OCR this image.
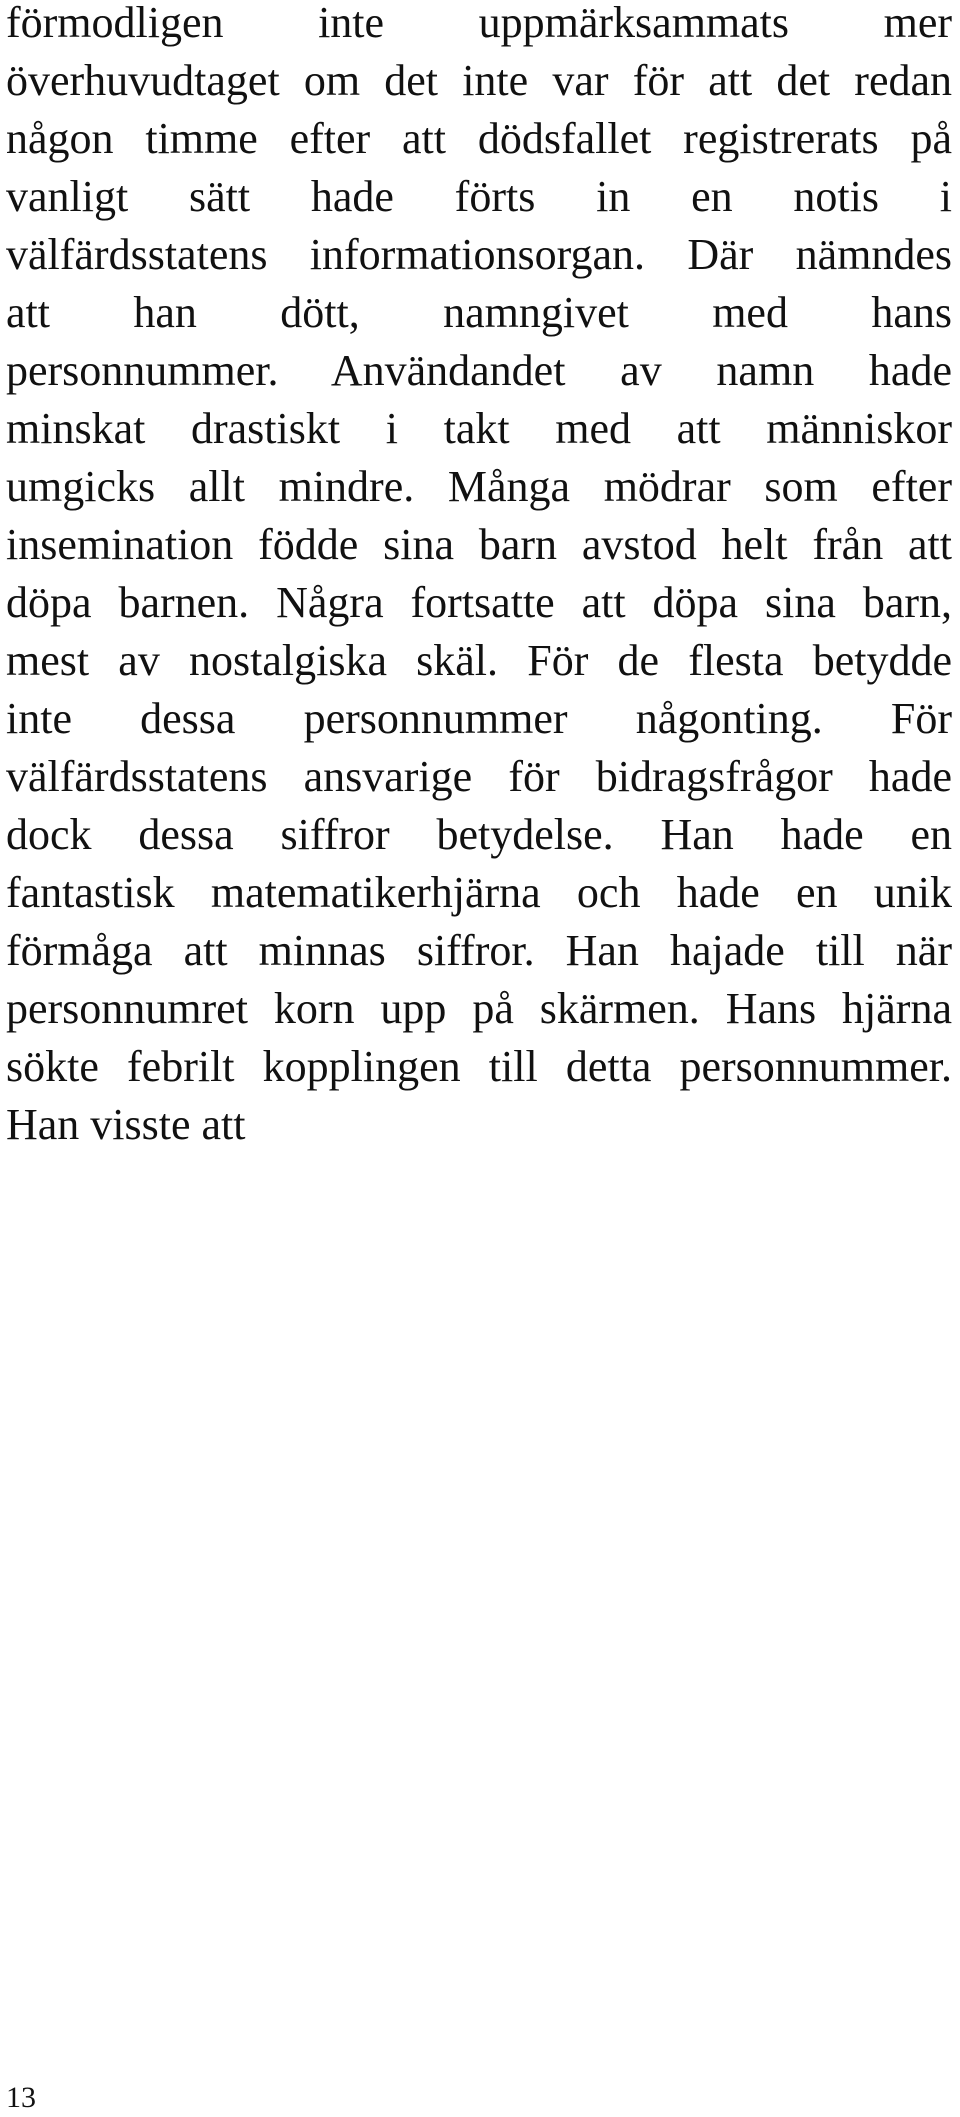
förmodligen inte uppmärksammats mer
överhuvudtaget om det inte var för att det redan
någon timme efter att dödsfallet registrerats på
vanligt sätt hade förts in en notis i
välfärdsstatens informationsorgan. Där nämndes
att han dött, namngivet med hans
personnummer. Användandet av namn hade
minskat drastiskt i takt med att människor
umgicks allt mindre. Många mödrar som efter
insemination födde sina barn avstod helt från att
döpa barnen. Några fortsatte att döpa sina barn,
mest av nostalgiska skäl. För de flesta betydde
inte dessa personnummer någonting. För
välfärdsstatens ansvarige för bidragsfrågor hade
dock dessa siffror betydelse. Han hade en
fantastisk matematikerhjärna och hade en unik
förmåga att minnas siffror. Han hajade till när
personnumret korn upp på skärmen. Hans hjärna
sökte febrilt kopplingen till detta personnummer.
Han visste att
13
